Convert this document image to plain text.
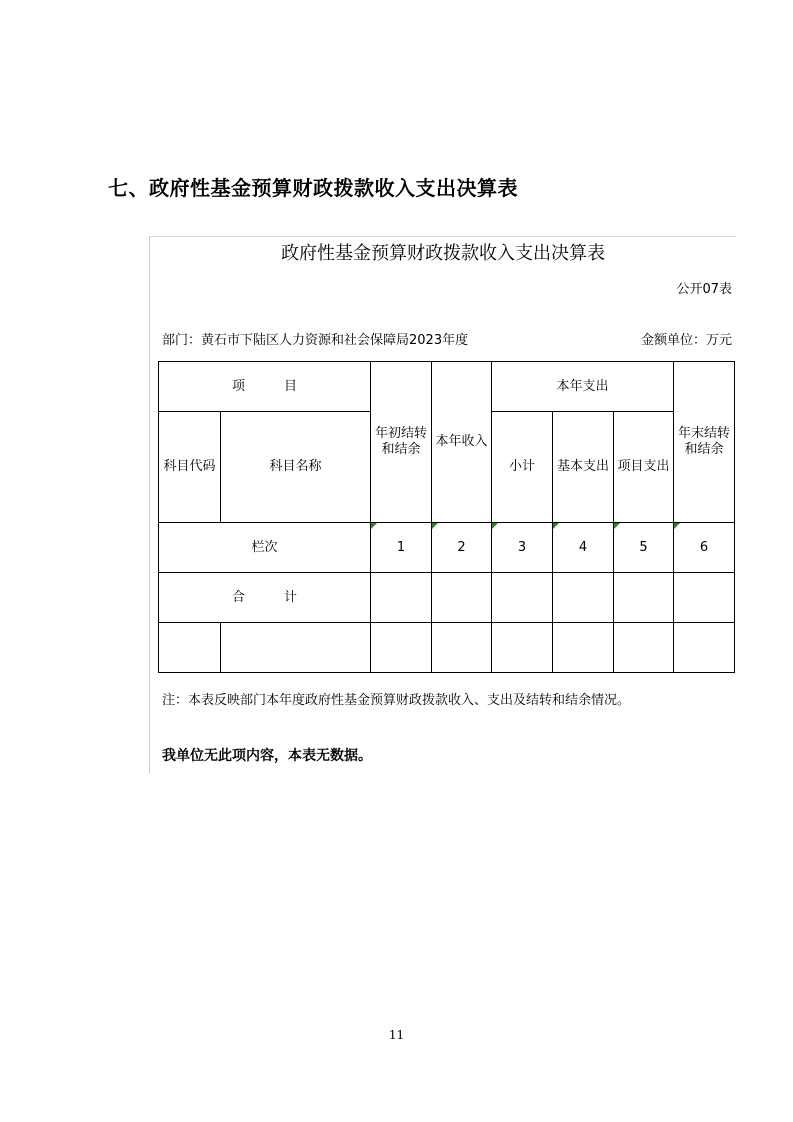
七、政府性基金预算财政拨款收入支出决算表
政府性基金预算财政拨款收入支出决算表
公开07表
部门：黄石市下陆区人力资源和社会保障局2023年度	金额单位：万元
项　　　目		年初结转和结余	本年收入	本年支出			年末结转和结余
科目代码	科目名称			小计	基本支出	项目支出	
栏次		1	2	3	4	5	6
合　　　计							

注：本表反映部门本年度政府性基金预算财政拨款收入、支出及结转和结余情况。
我单位无此项内容，本表无数据。
11
